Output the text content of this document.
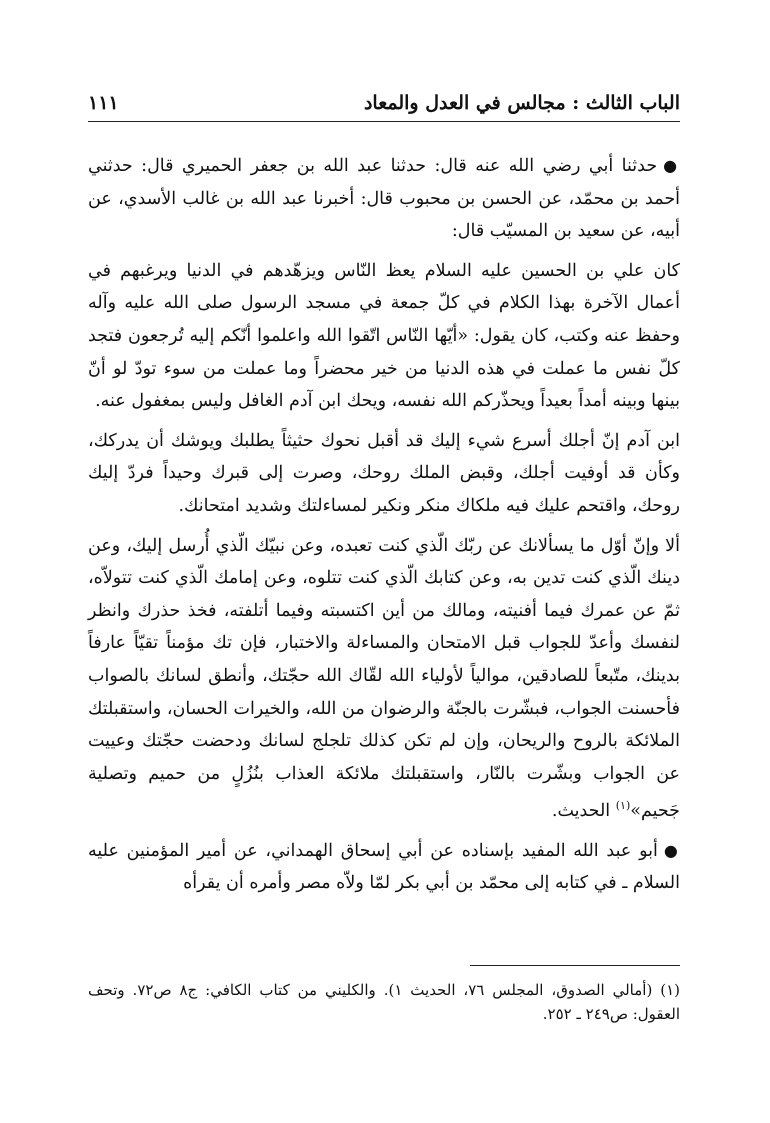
الباب الثالث : مجالس في العدل والمعاد
١١١

●حدثنا أبي رضي الله عنه قال: حدثنا عبد الله بن جعفر الحميري قال: حدثني أحمد بن محمّد، عن الحسن بن محبوب قال: أخبرنا عبد الله بن غالب الأسدي، عن أبيه، عن سعيد بن المسيّب قال:

كان علي بن الحسين عليه السلام يعظ النّاس ويزهّدهم في الدنيا ويرغبهم في أعمال الآخرة بهذا الكلام في كلّ جمعة في مسجد الرسول صلى الله عليه وآله وحفظ عنه وكتب، كان يقول: «أيّها النّاس اتّقوا الله واعلموا أنّكم إليه تُرجعون فتجد كلّ نفس ما عملت في هذه الدنيا من خير محضراً وما عملت من سوء تودّ لو أنّ بينها وبينه أمداً بعيداً ويحذّركم الله نفسه، ويحك ابن آدم الغافل وليس بمغفول عنه.

ابن آدم إنّ أجلك أسرع شيء إليك قد أقبل نحوك حثيثاً يطلبك ويوشك أن يدركك، وكأن قد أوفيت أجلك، وقبض الملك روحك، وصرت إلى قبرك وحيداً فردّ إليك روحك، واقتحم عليك فيه ملكاك منكر ونكير لمساءلتك وشديد امتحانك.

ألا وإنّ أوّل ما يسألانك عن ربّك الّذي كنت تعبده، وعن نبيّك الّذي أُرسل إليك، وعن دينك الّذي كنت تدين به، وعن كتابك الّذي كنت تتلوه، وعن إمامك الّذي كنت تتولاّه، ثمّ عن عمرك فيما أفنيته، ومالك من أين اكتسبته وفيما أتلفته، فخذ حذرك وانظر لنفسك وأعدّ للجواب قبل الامتحان والمساءلة والاختبار، فإن تك مؤمناً تقيّاً عارفاً بدينك، متّبعاً للصادقين، موالياً لأولياء الله لقّاك الله حجّتك، وأنطق لسانك بالصواب فأحسنت الجواب، فبشّرت بالجنّة والرضوان من الله، والخيرات الحسان، واستقبلتك الملائكة بالروح والريحان، وإن لم تكن كذلك تلجلج لسانك ودحضت حجّتك وعييت عن الجواب وبشّرت بالنّار، واستقبلتك ملائكة العذاب بنُزُلٍ من حميم وتصلية جَحيم»$^{(١)}$ الحديث.

●أبو عبد الله المفيد بإسناده عن أبي إسحاق الهمداني، عن أمير المؤمنين عليه السلام ـ في كتابه إلى محمّد بن أبي بكر لمّا ولاّه مصر وأمره أن يقرأه

(١) (أمالي الصدوق، المجلس ٧٦، الحديث ١). والكليني من كتاب الكافي: ج٨ ص٧٢. وتحف العقول: ص٢٤٩ ـ ٢٥٢.
